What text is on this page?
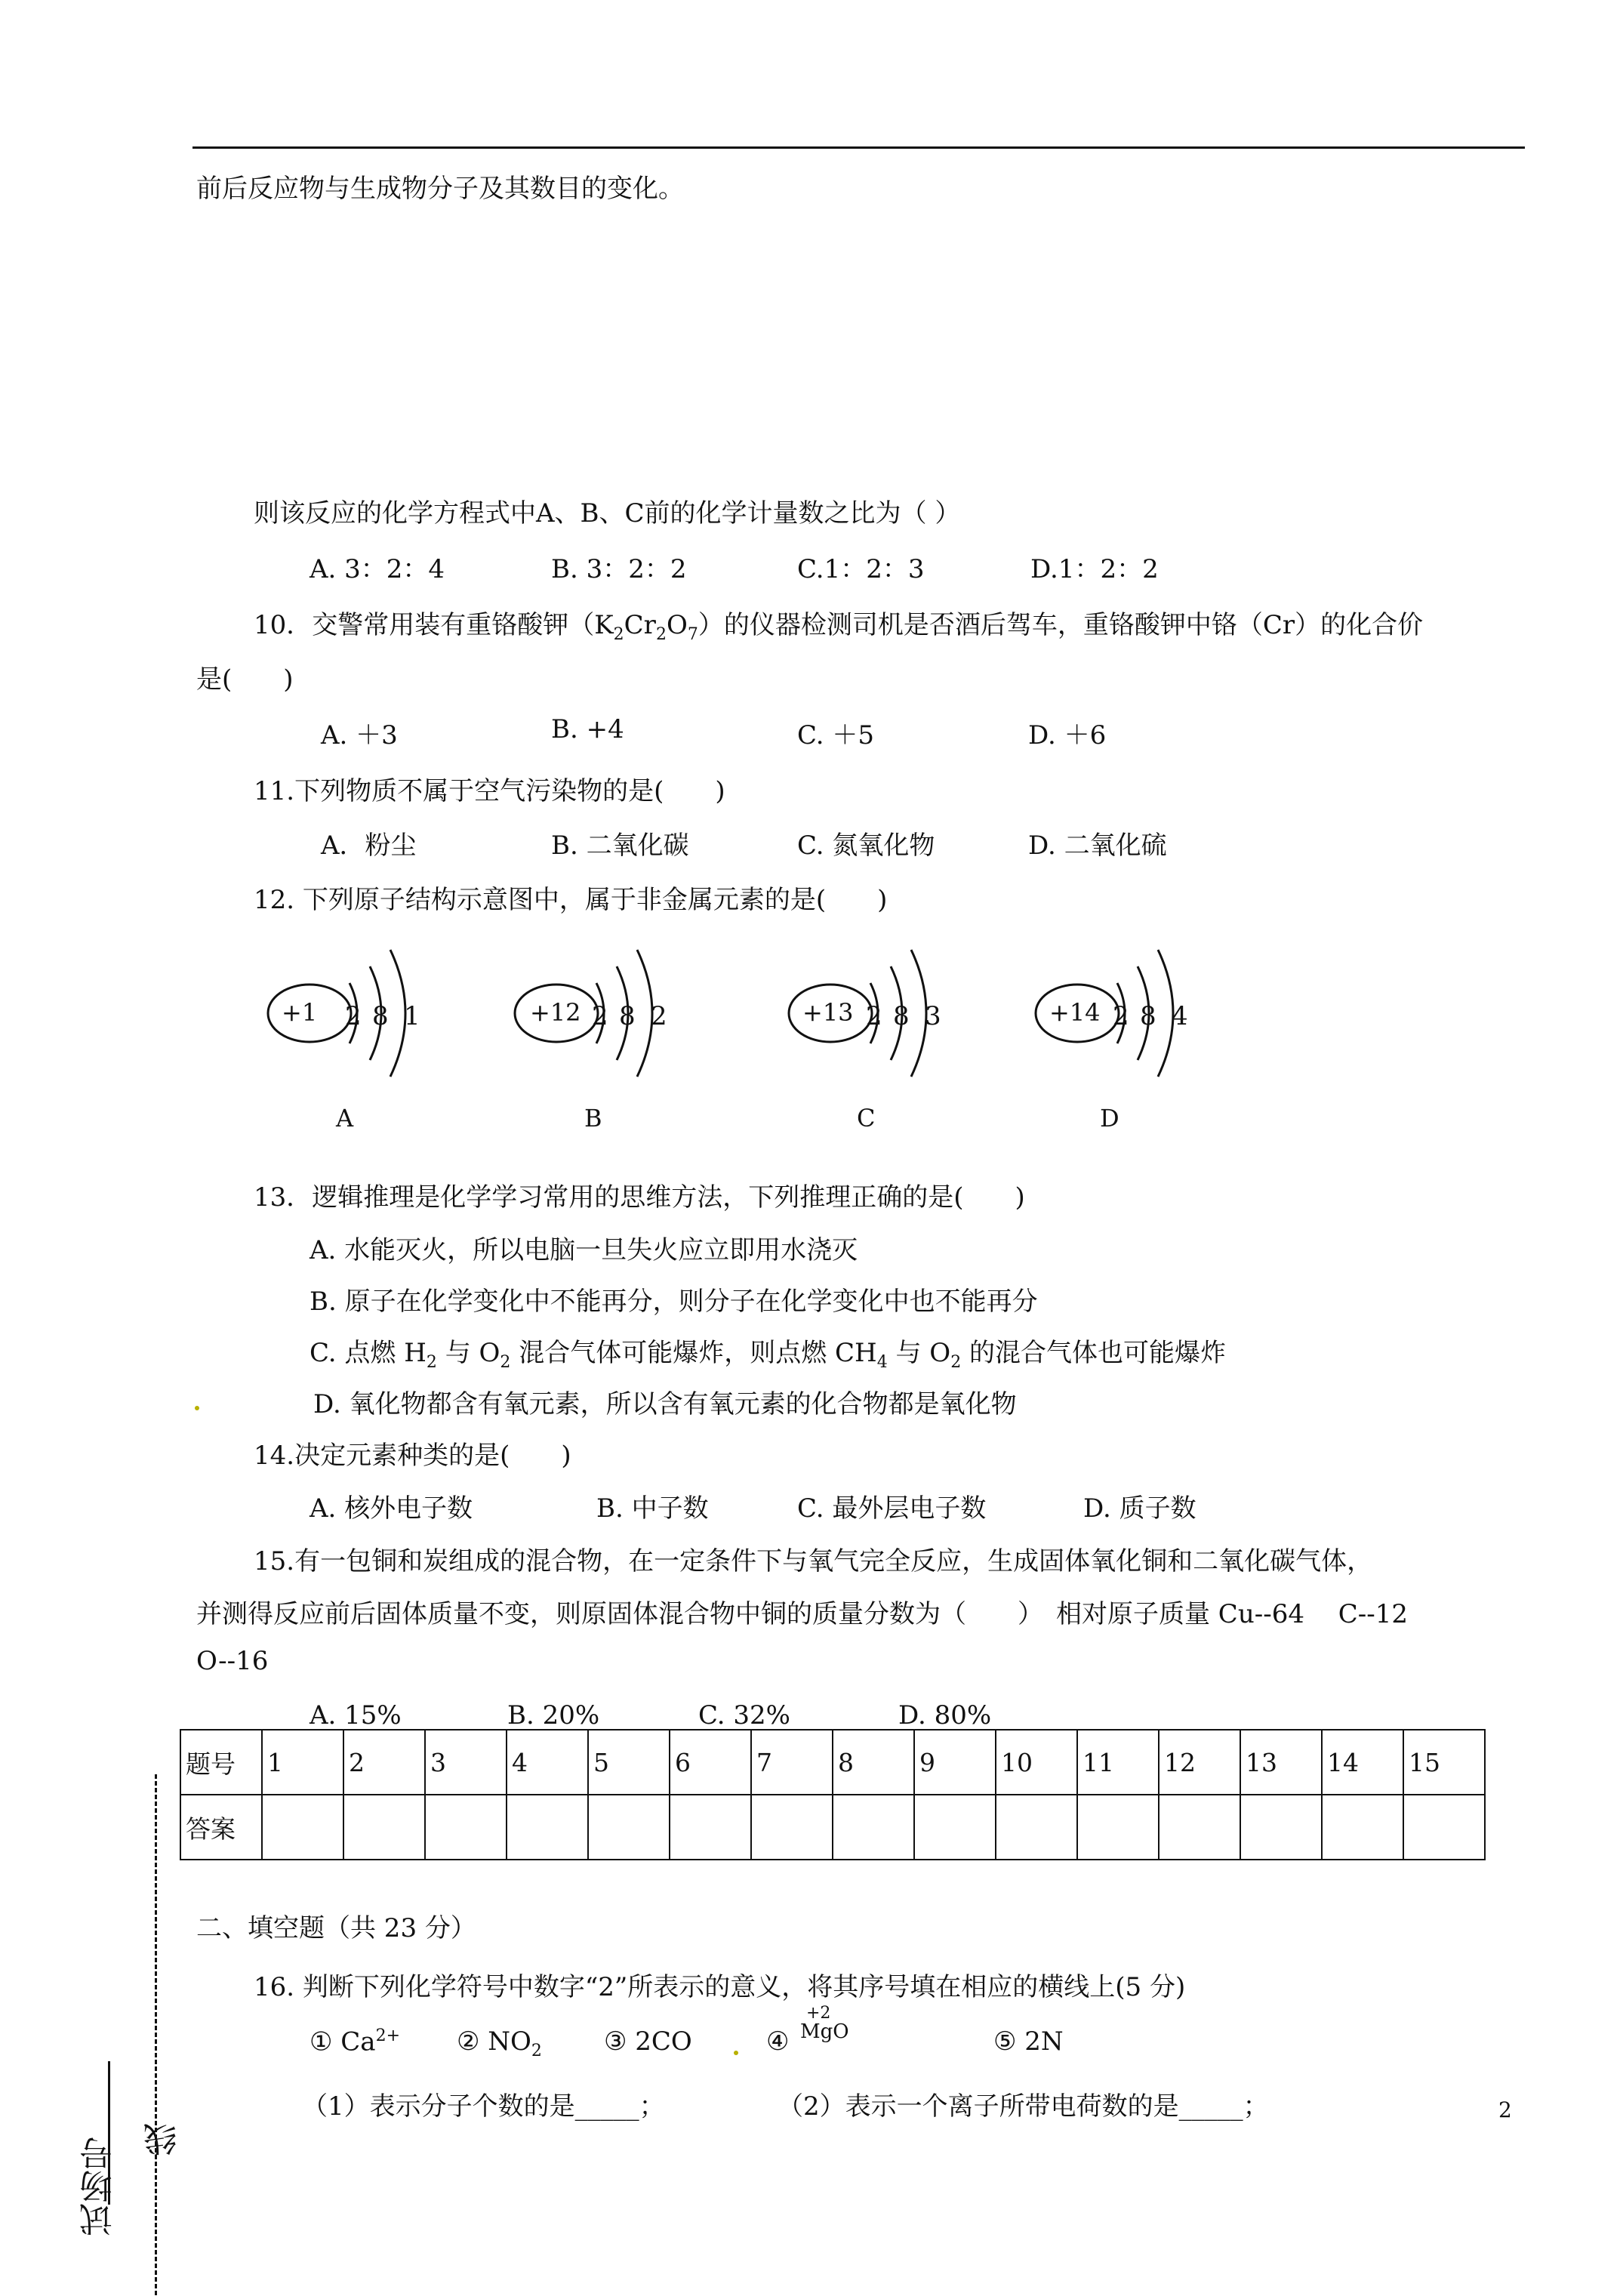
前后反应物与生成物分子及其数目的变化。
则该反应的化学方程式中A、B、C前的化学计量数之比为（ ）
A. 3：2：4	B. 3：2：2	C.1：2：3	D.1：2：2
10．交警常用装有重铬酸钾$(K_2Cr_2O_7)$的仪器检测司机是否酒后驾车，重铬酸钾中铬（Cr）的化合价
是(　　)
A. ＋3	B. +4	C. ＋5	D. ＋6
11.下列物质不属于空气污染物的是(　　)
A．粉尘	B. 二氧化碳	C. 氮氧化物	D. 二氧化硫
12. 下列原子结构示意图中，属于非金属元素的是(　　)
+1 2 8 1
A
+12 2 8 2
B
+13 2 8 3
C
+14 2 8 4
D
13．逻辑推理是化学学习常用的思维方法，下列推理正确的是(　　)
A. 水能灭火，所以电脑一旦失火应立即用水浇灭
B. 原子在化学变化中不能再分，则分子在化学变化中也不能再分
C. 点燃 $H_2$ 与 $O_2$ 混合气体可能爆炸，则点燃 $CH_4$ 与 $O_2$ 的混合气体也可能爆炸
D. 氧化物都含有氧元素，所以含有氧元素的化合物都是氧化物
14.决定元素种类的是(　　)
A. 核外电子数	B. 中子数	C. 最外层电子数	D. 质子数
15.有一包铜和炭组成的混合物，在一定条件下与氧气完全反应，生成固体氧化铜和二氧化碳气体，
并测得反应前后固体质量不变，则原固体混合物中铜的质量分数为（　　）　相对原子质量 Cu--64　 C--12
O--16
A. 15%	B. 20%	C. 32%	D. 80%
题号	1	2	3	4	5	6	7	8	9	10	11	12	13	14	15
答案															
二、填空题（共 23 分）
16. 判断下列化学符号中数字“2”所表示的意义，将其序号填在相应的横线上(5 分)
① $Ca^{2+}$ ② $NO_2$ ③ 2CO	④
+2
MgO	⑤ 2N
（1）表示分子个数的是_____；	（2）表示一个离子所带电荷数的是_____；	2
试场号 线
